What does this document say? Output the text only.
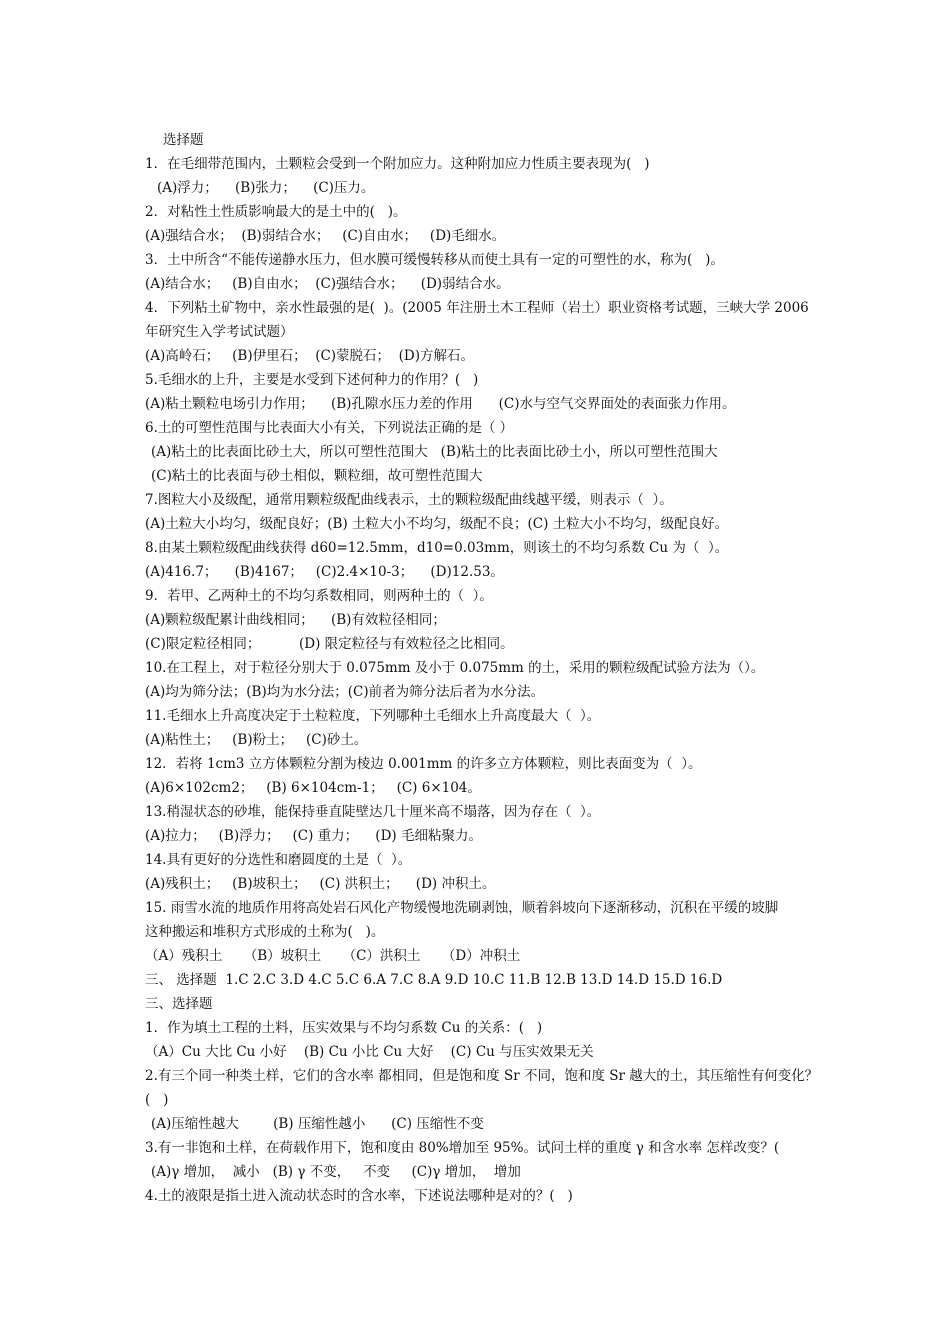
选择题
1．在毛细带范围内，土颗粒会受到一个附加应力。这种附加应力性质主要表现为(   )
(A)浮力；    (B)张力；    (C)压力。
2．对粘性土性质影响最大的是土中的(   )。
(A)强结合水；  (B)弱结合水；   (C)自由水；   (D)毛细水。
3．土中所含“不能传递静水压力，但水膜可缓慢转移从而使土具有一定的可塑性的水，称为(   )。
(A)结合水；   (B)自由水；  (C)强结合水；    (D)弱结合水。
4．下列粘土矿物中，亲水性最强的是(  )。(2005 年注册土木工程师（岩土）职业资格考试题，三峡大学 2006
年研究生入学考试试题）
(A)高岭石；   (B)伊里石；  (C)蒙脱石；  (D)方解石。
5.毛细水的上升，主要是水受到下述何种力的作用？(   )
(A)粘土颗粒电场引力作用；    (B)孔隙水压力差的作用      (C)水与空气交界面处的表面张力作用。
6.土的可塑性范围与比表面大小有关，下列说法正确的是（ ）
(A)粘土的比表面比砂土大，所以可塑性范围大   (B)粘土的比表面比砂土小，所以可塑性范围大
(C)粘土的比表面与砂土相似，颗粒细，故可塑性范围大
7.图粒大小及级配，通常用颗粒级配曲线表示，土的颗粒级配曲线越平缓，则表示（  ）。
(A)土粒大小均匀，级配良好；(B) 土粒大小不均匀，级配不良；(C) 土粒大小不均匀，级配良好。
8.由某土颗粒级配曲线获得 d60=12.5mm，d10=0.03mm，则该土的不均匀系数 Cu 为（  ）。
(A)416.7；    (B)4167；   (C)2.4×10-3；    (D)12.53。
9．若甲、乙两种土的不均匀系数相同，则两种土的（  ）。
(A)颗粒级配累计曲线相同；    (B)有效粒径相同；
(C)限定粒径相同；         (D) 限定粒径与有效粒径之比相同。
10.在工程上，对于粒径分别大于 0.075mm 及小于 0.075mm 的土，采用的颗粒级配试验方法为（）。
(A)均为筛分法；(B)均为水分法；(C)前者为筛分法后者为水分法。
11.毛细水上升高度决定于土粒粒度，下列哪种土毛细水上升高度最大（  ）。
(A)粘性土；   (B)粉土；   (C)砂土。
12．若将 1cm3 立方体颗粒分割为棱边 0.001mm 的许多立方体颗粒，则比表面变为（  ）。
(A)6×102cm2；   (B) 6×104cm-1；   (C) 6×104。
13.稍湿状态的砂堆，能保持垂直陡壁达几十厘米高不塌落，因为存在（  ）。
(A)拉力；   (B)浮力；   (C) 重力；    (D) 毛细粘聚力。
14.具有更好的分选性和磨圆度的土是（  ）。
(A)残积土；   (B)坡积土；   (C) 洪积土；    (D) 冲积土。
15. 雨雪水流的地质作用将高处岩石风化产物缓慢地洗刷剥蚀，顺着斜坡向下逐渐移动，沉积在平缓的坡脚
这种搬运和堆积方式形成的土称为(   )。
（A）残积土     （B）坡积土     （C）洪积土     （D）冲积土
三、 选择题  1.C 2.C 3.D 4.C 5.C 6.A 7.C 8.A 9.D 10.C 11.B 12.B 13.D 14.D 15.D 16.D
三、选择题
1．作为填土工程的土料，压实效果与不均匀系数 Cu 的关系：(   )
（A）Cu 大比 Cu 小好    (B) Cu 小比 Cu 大好    (C) Cu 与压实效果无关
2.有三个同一种类土样，它们的含水率 都相同，但是饱和度 Sr 不同，饱和度 Sr 越大的土，其压缩性有何变化？
(   )
(A)压缩性越大        (B) 压缩性越小      (C) 压缩性不变
3.有一非饱和土样，在荷载作用下，饱和度由 80%增加至 95%。试问土样的重度 γ 和含水率 怎样改变？(
(A)γ 增加，  减小   (B) γ 不变，   不变     (C)γ 增加，  增加
4.土的液限是指土进入流动状态时的含水率，下述说法哪种是对的？(   )
